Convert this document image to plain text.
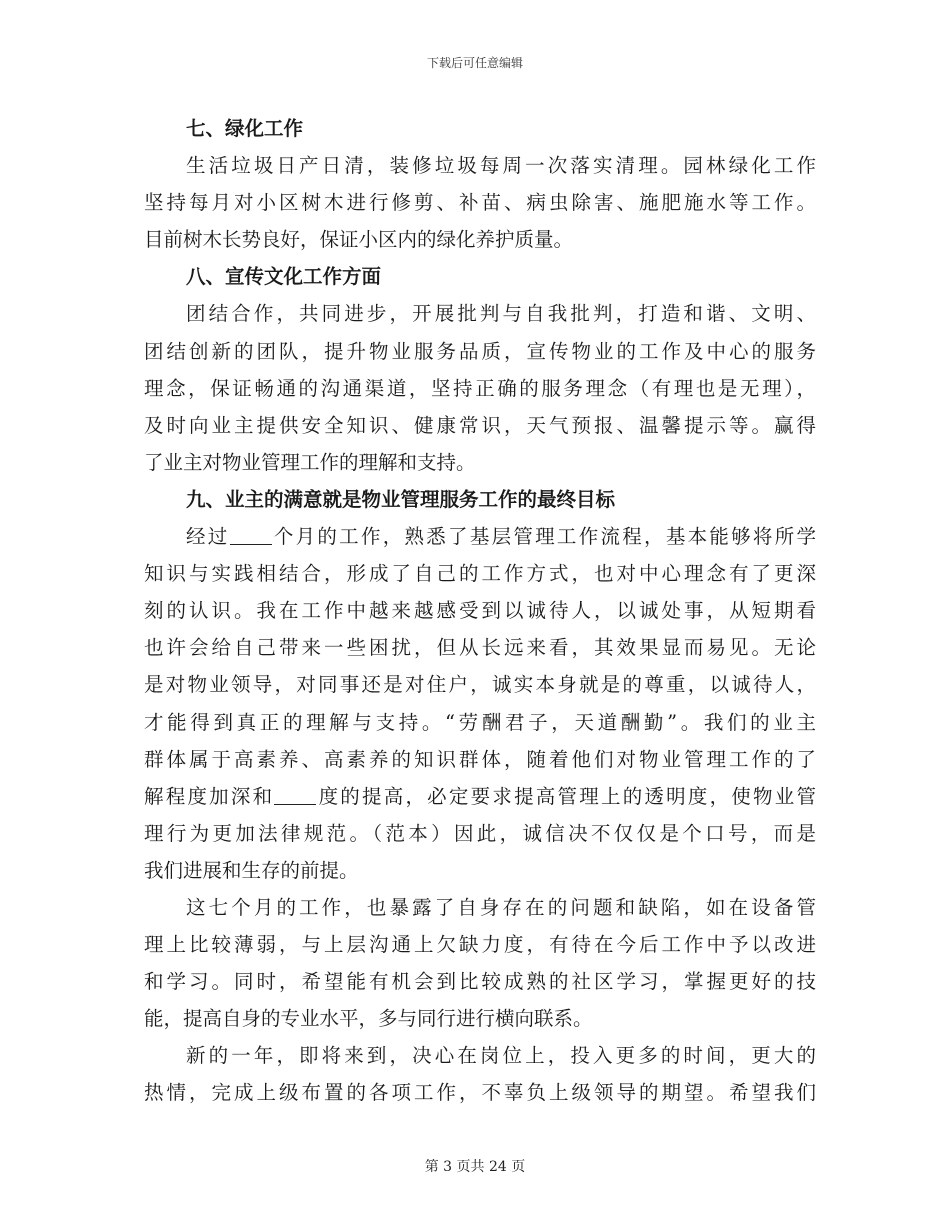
下载后可任意编辑
七、绿化工作
生活垃圾日产日清，装修垃圾每周一次落实清理。园林绿化工作
坚持每月对小区树木进行修剪、补苗、病虫除害、施肥施水等工作。
目前树木长势良好，保证小区内的绿化养护质量。
八、宣传文化工作方面
团结合作，共同进步，开展批判与自我批判，打造和谐、文明、
团结创新的团队，提升物业服务品质，宣传物业的工作及中心的服务
理念，保证畅通的沟通渠道，坚持正确的服务理念（有理也是无理），
及时向业主提供安全知识、健康常识，天气预报、温馨提示等。赢得
了业主对物业管理工作的理解和支持。
九、业主的满意就是物业管理服务工作的最终目标
经过 个月的工作，熟悉了基层管理工作流程，基本能够将所学
知识与实践相结合，形成了自己的工作方式，也对中心理念有了更深
刻的认识。我在工作中越来越感受到以诚待人，以诚处事，从短期看
也许会给自己带来一些困扰，但从长远来看，其效果显而易见。无论
是对物业领导，对同事还是对住户，诚实本身就是的尊重，以诚待人，
才能得到真正的理解与支持。“劳酬君子，天道酬勤”。我们的业主
群体属于高素养、高素养的知识群体，随着他们对物业管理工作的了
解程度加深和 度的提高，必定要求提高管理上的透明度，使物业管
理行为更加法律规范。（范本）因此，诚信决不仅仅是个口号，而是
我们进展和生存的前提。
这七个月的工作，也暴露了自身存在的问题和缺陷，如在设备管
理上比较薄弱，与上层沟通上欠缺力度，有待在今后工作中予以改进
和学习。同时，希望能有机会到比较成熟的社区学习，掌握更好的技
能，提高自身的专业水平，多与同行进行横向联系。
新的一年，即将来到，决心在岗位上，投入更多的时间，更大的
热情，完成上级布置的各项工作，不辜负上级领导的期望。希望我们
第 3 页共 24 页
